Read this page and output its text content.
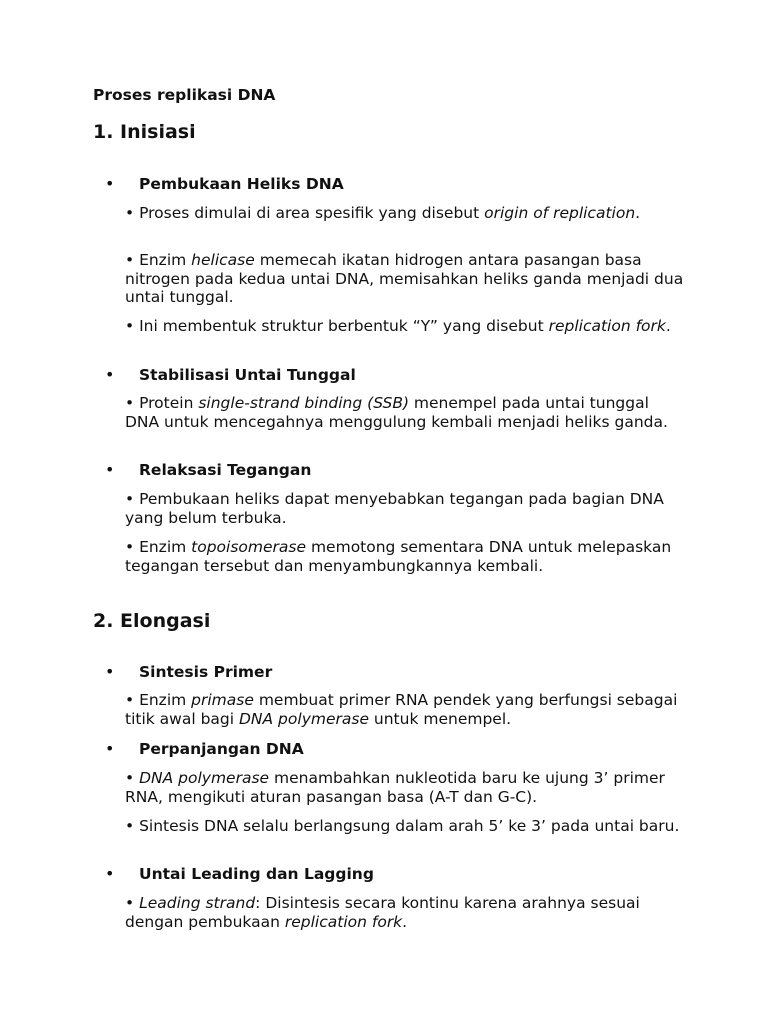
Proses replikasi DNA
1. Inisiasi
• Pembukaan Heliks DNA

• Proses dimulai di area spesifik yang disebut origin of replication.

• Enzim helicase memecah ikatan hidrogen antara pasangan basa nitrogen pada kedua untai DNA, memisahkan heliks ganda menjadi dua untai tunggal.

• Ini membentuk struktur berbentuk “Y” yang disebut replication fork.

• Stabilisasi Untai Tunggal

• Protein single-strand binding (SSB) menempel pada untai tunggal DNA untuk mencegahnya menggulung kembali menjadi heliks ganda.

• Relaksasi Tegangan

• Pembukaan heliks dapat menyebabkan tegangan pada bagian DNA yang belum terbuka.

• Enzim topoisomerase memotong sementara DNA untuk melepaskan tegangan tersebut dan menyambungkannya kembali.

2. Elongasi
• Sintesis Primer

• Enzim primase membuat primer RNA pendek yang berfungsi sebagai titik awal bagi DNA polymerase untuk menempel.

• Perpanjangan DNA

• DNA polymerase menambahkan nukleotida baru ke ujung 3’ primer RNA, mengikuti aturan pasangan basa (A-T dan G-C).

• Sintesis DNA selalu berlangsung dalam arah 5’ ke 3’ pada untai baru.

• Untai Leading dan Lagging

• Leading strand: Disintesis secara kontinu karena arahnya sesuai dengan pembukaan replication fork.
